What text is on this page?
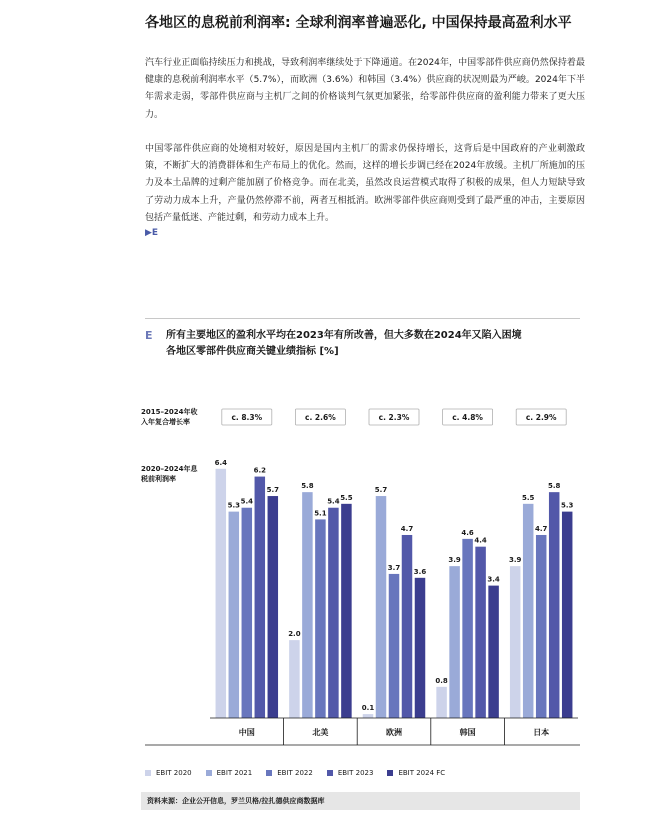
各地区的息税前利润率: 全球利润率普遍恶化, 中国保持最高盈利水平

汽车行业正面临持续压力和挑战，导致利润率继续处于下降通道。在2024年，中国零部件供应商仍然保持着最健康的息税前利润率水平（5.7%），而欧洲（3.6%）和韩国（3.4%）供应商的状况则最为严峻。2024年下半年需求走弱，零部件供应商与主机厂之间的价格谈判气氛更加紧张，给零部件供应商的盈利能力带来了更大压力。

中国零部件供应商的处境相对较好，原因是国内主机厂的需求仍保持增长，这背后是中国政府的产业刺激政策，不断扩大的消费群体和生产布局上的优化。然而，这样的增长步调已经在2024年放缓。主机厂所施加的压力及本土品牌的过剩产能加剧了价格竞争。而在北美，虽然改良运营模式取得了积极的成果，但人力短缺导致了劳动力成本上升，产量仍然停滞不前，两者互相抵消。欧洲零部件供应商则受到了最严重的冲击，主要原因包括产量低迷、产能过剩，和劳动力成本上升。

▶E
E 所有主要地区的盈利水平均在2023年有所改善，但大多数在2024年又陷入困境
各地区零部件供应商关键业绩指标 [%]
2015–2024年收
入年复合增长率
2020–2024年息
税前利润率
c. 8.3%
6.4
5.3 5.4
6.2
5.7
中国
c. 2.6%
2.0
5.8
5.1
5.4 5.5
北美
c. 2.3%
0.1
5.7
3.7
4.7
3.6
欧洲
c. 4.8%
0.8
3.9
4.6
4.4
3.4
韩国
c. 2.9%
3.9
5.5
4.7
5.8
5.3
日本
EBIT 2020	EBIT 2021	EBIT 2022	EBIT 2023	EBIT 2024 FC
资料来源：企业公开信息，罗兰贝格/拉扎德供应商数据库
